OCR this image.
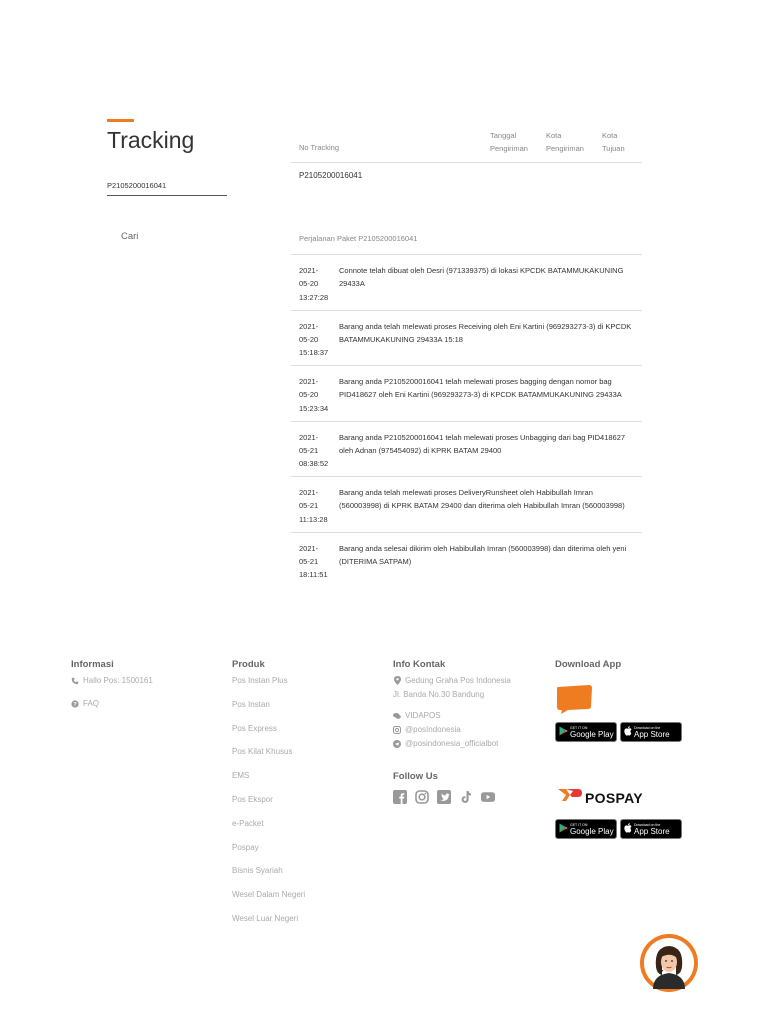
Tracking
P2105200016041
Cari
No Tracking
Tanggal
Pengiriman
Kota
Pengiriman
Kota
Tujuan
P2105200016041
Perjalanan Paket P2105200016041
2021-
05-20
13:27:28
Connote telah dibuat oleh Desri (971339375) di lokasi KPCDK BATAMMUKAKUNING 29433A
2021-
05-20
15:18:37
Barang anda telah melewati proses Receiving oleh Eni Kartini (969293273-3) di KPCDK BATAMMUKAKUNING 29433A 15:18
2021-
05-20
15:23:34
Barang anda P2105200016041 telah melewati proses bagging dengan nomor bag PID418627 oleh Eni Kartini (969293273-3) di KPCDK BATAMMUKAKUNING 29433A
2021-
05-21
08:38:52
Barang anda P2105200016041 telah melewati proses Unbagging dari bag PID418627 oleh Adnan (975454092) di KPRK BATAM 29400
2021-
05-21
11:13:28
Barang anda telah melewati proses DeliveryRunsheet oleh Habibullah Imran (560003998) di KPRK BATAM 29400 dan diterima oleh Habibullah Imran (560003998)
2021-
05-21
18:11:51
Barang anda selesai dikirim oleh Habibullah Imran (560003998) dan diterima oleh yeni (DITERIMA SATPAM)
Informasi
Hallo Pos: 1500161
? FAQ
Produk
Pos Instan Plus
Pos Instan
Pos Express
Pos Kilat Khusus
EMS
Pos Ekspor
e-Packet
Pospay
Bisnis Syariah
Wesel Dalam Negeri
Wesel Luar Negeri
Info Kontak
Gedung Graha Pos Indonesia
Jl. Banda No.30 Bandung
VIDAPOS
@posIndonesia
@posindonesia_officialbot
Follow Us
Download App
GET IT ON
Google Play
Download on the
App Store
POSPAY
GET IT ON
Google Play
Download on the
App Store
